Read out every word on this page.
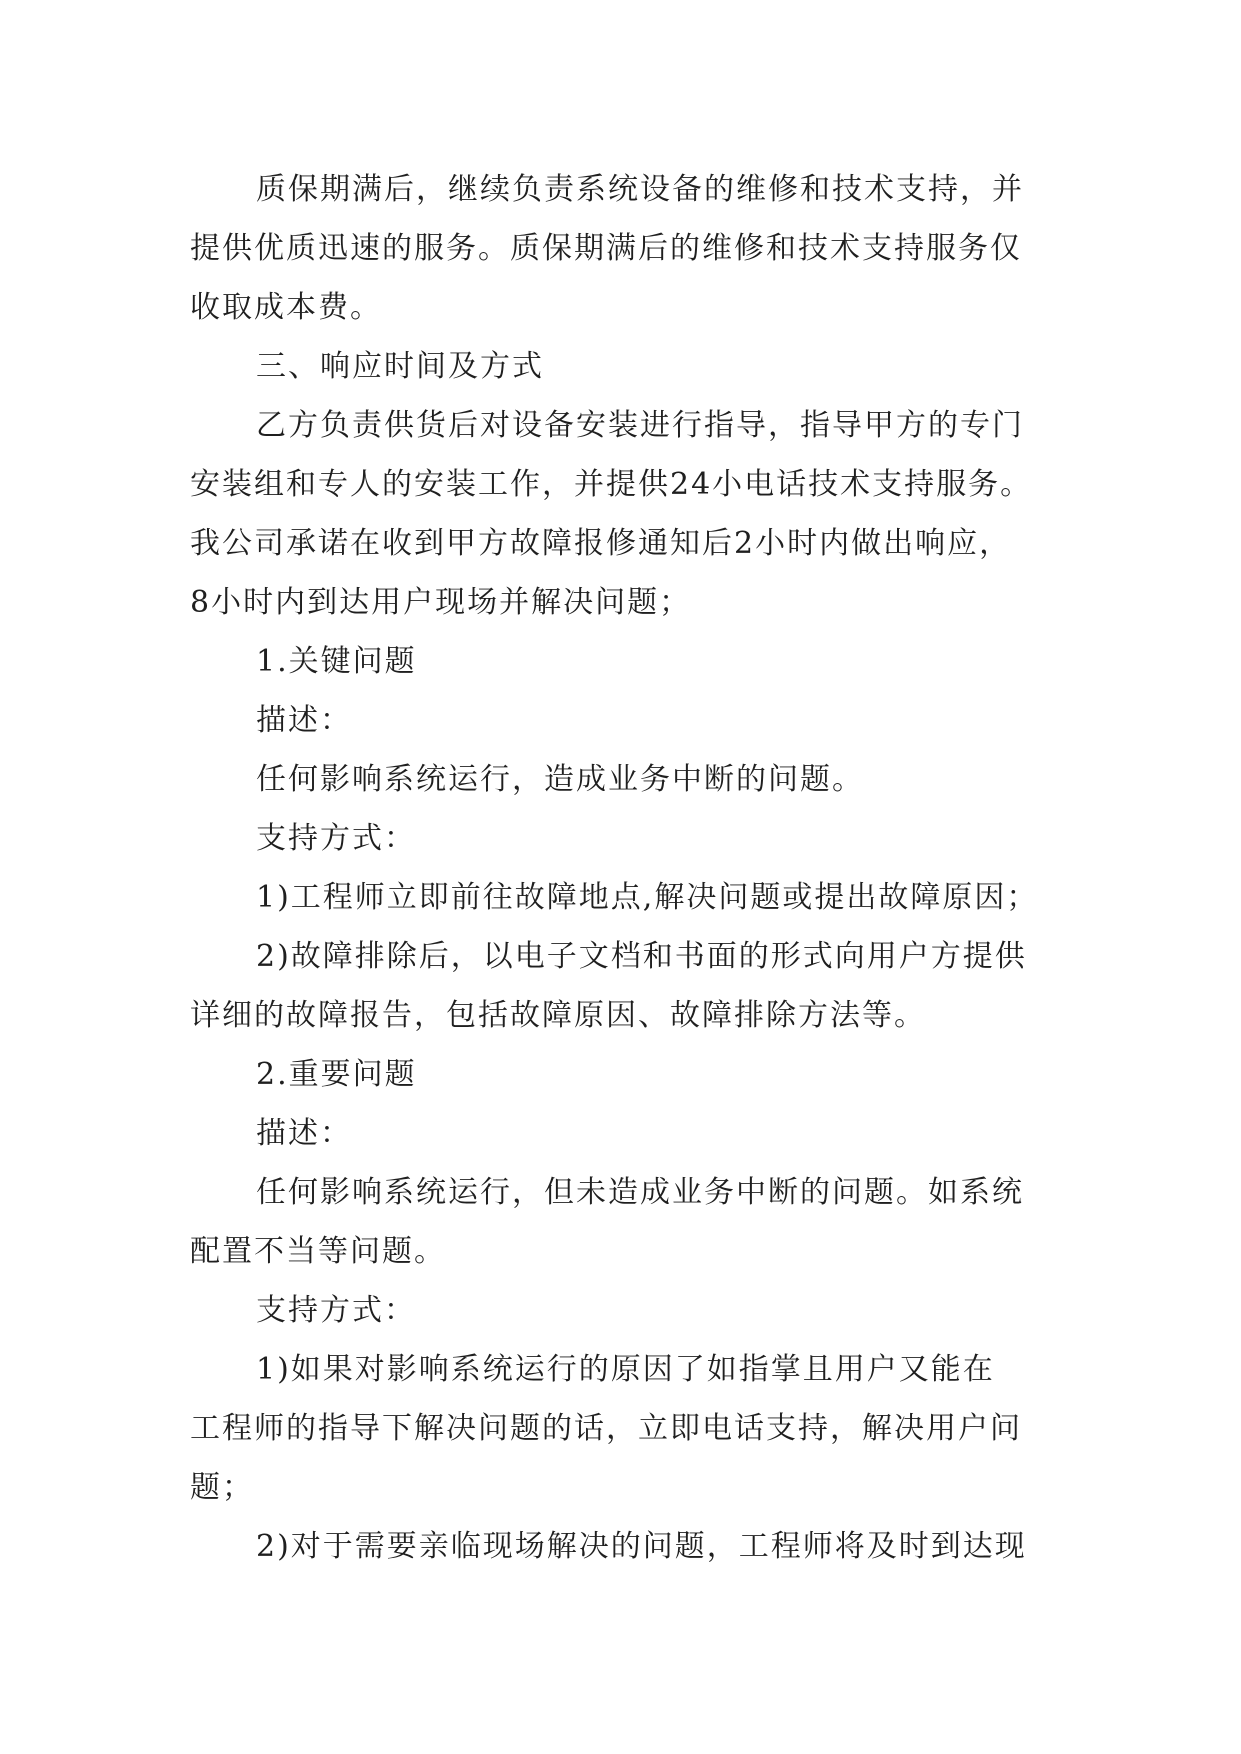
质保期满后，继续负责系统设备的维修和技术支持，并
提供优质迅速的服务。质保期满后的维修和技术支持服务仅
收取成本费。
三、响应时间及方式
乙方负责供货后对设备安装进行指导，指导甲方的专门
安装组和专人的安装工作，并提供24小电话技术支持服务。
我公司承诺在收到甲方故障报修通知后2小时内做出响应，
8小时内到达用户现场并解决问题；
1.关键问题
描述：
任何影响系统运行，造成业务中断的问题。
支持方式：
1)工程师立即前往故障地点,解决问题或提出故障原因；
2)故障排除后，以电子文档和书面的形式向用户方提供
详细的故障报告，包括故障原因、故障排除方法等。
2.重要问题
描述：
任何影响系统运行，但未造成业务中断的问题。如系统
配置不当等问题。
支持方式：
1)如果对影响系统运行的原因了如指掌且用户又能在
工程师的指导下解决问题的话，立即电话支持，解决用户问
题；
2)对于需要亲临现场解决的问题，工程师将及时到达现
